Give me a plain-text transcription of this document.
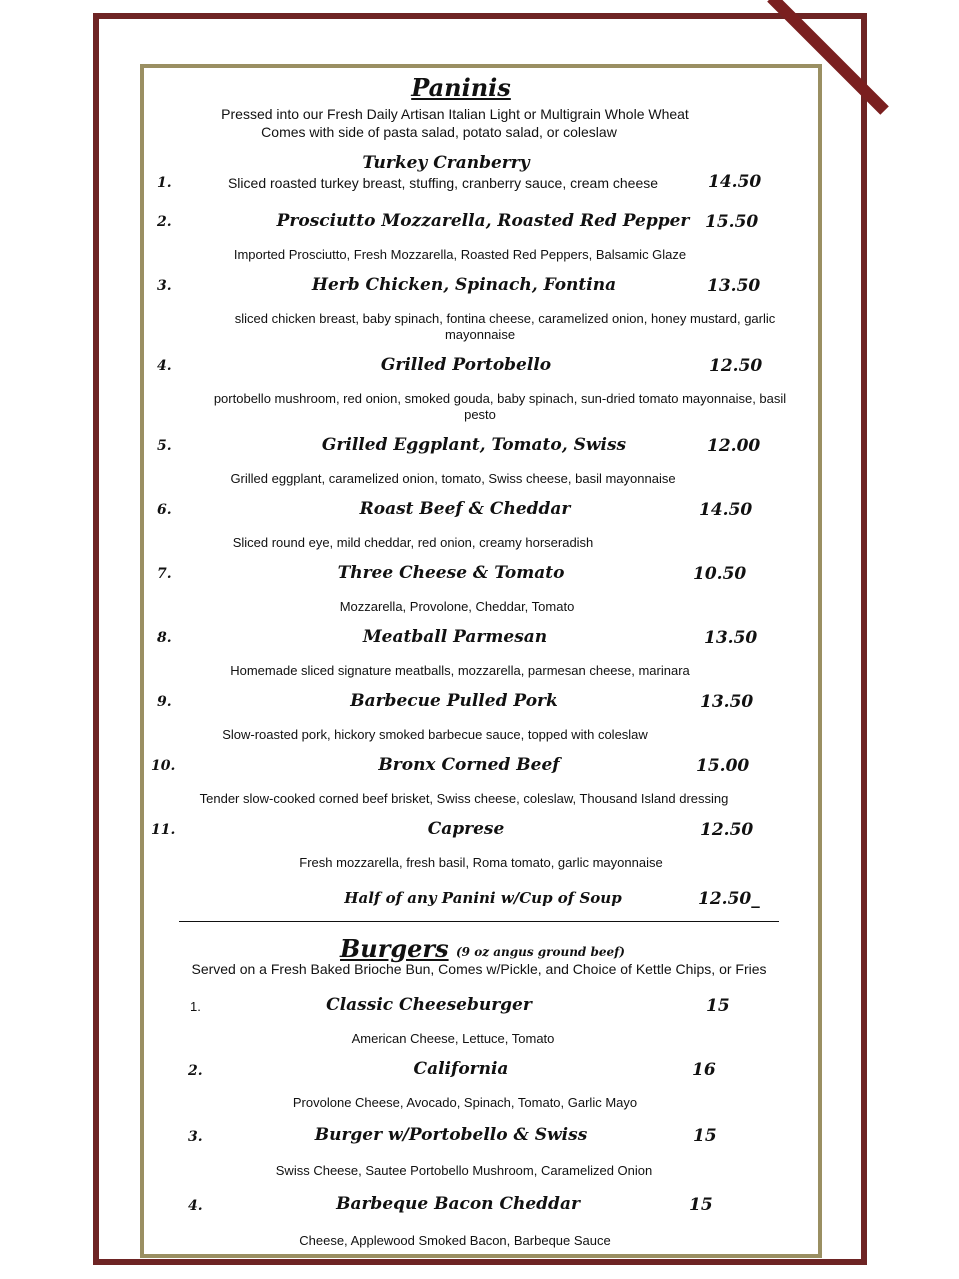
Paninis
Pressed into our Fresh Daily Artisan Italian Light or Multigrain Whole Wheat
Comes with side of pasta salad, potato salad, or coleslaw
Turkey Cranberry
1.	Sliced roasted turkey breast, stuffing, cranberry sauce, cream cheese	14.50
2.	Prosciutto Mozzarella, Roasted Red Pepper 15.50
Imported Prosciutto, Fresh Mozzarella, Roasted Red Peppers, Balsamic Glaze
3.	Herb Chicken, Spinach, Fontina	13.50
sliced chicken breast, baby spinach, fontina cheese, caramelized onion, honey mustard, garlic
mayonnaise
4.	Grilled Portobello	12.50
portobello mushroom, red onion, smoked gouda, baby spinach, sun-dried tomato mayonnaise, basil
pesto
5.	Grilled Eggplant, Tomato, Swiss	12.00
Grilled eggplant, caramelized onion, tomato, Swiss cheese, basil mayonnaise
6.	Roast Beef & Cheddar	14.50
Sliced round eye, mild cheddar, red onion, creamy horseradish
7.	Three Cheese & Tomato	10.50
Mozzarella, Provolone, Cheddar, Tomato
8.	Meatball Parmesan	13.50
Homemade sliced signature meatballs, mozzarella, parmesan cheese, marinara
9.	Barbecue Pulled Pork	13.50
Slow-roasted pork, hickory smoked barbecue sauce, topped with coleslaw
10.	Bronx Corned Beef	15.00
Tender slow-cooked corned beef brisket, Swiss cheese, coleslaw, Thousand Island dressing
11.	Caprese	12.50
Fresh mozzarella, fresh basil, Roma tomato, garlic mayonnaise
Half of any Panini w/Cup of Soup	12.50_
Burgers (9 oz angus ground beef)
Served on a Fresh Baked Brioche Bun, Comes w/Pickle, and Choice of Kettle Chips, or Fries
1.	Classic Cheeseburger	15
American Cheese, Lettuce, Tomato
2.	California	16
Provolone Cheese, Avocado, Spinach, Tomato, Garlic Mayo
3.	Burger w/Portobello & Swiss	15
Swiss Cheese, Sautee Portobello Mushroom, Caramelized Onion
4.	Barbeque Bacon Cheddar	15
Cheese, Applewood Smoked Bacon, Barbeque Sauce
